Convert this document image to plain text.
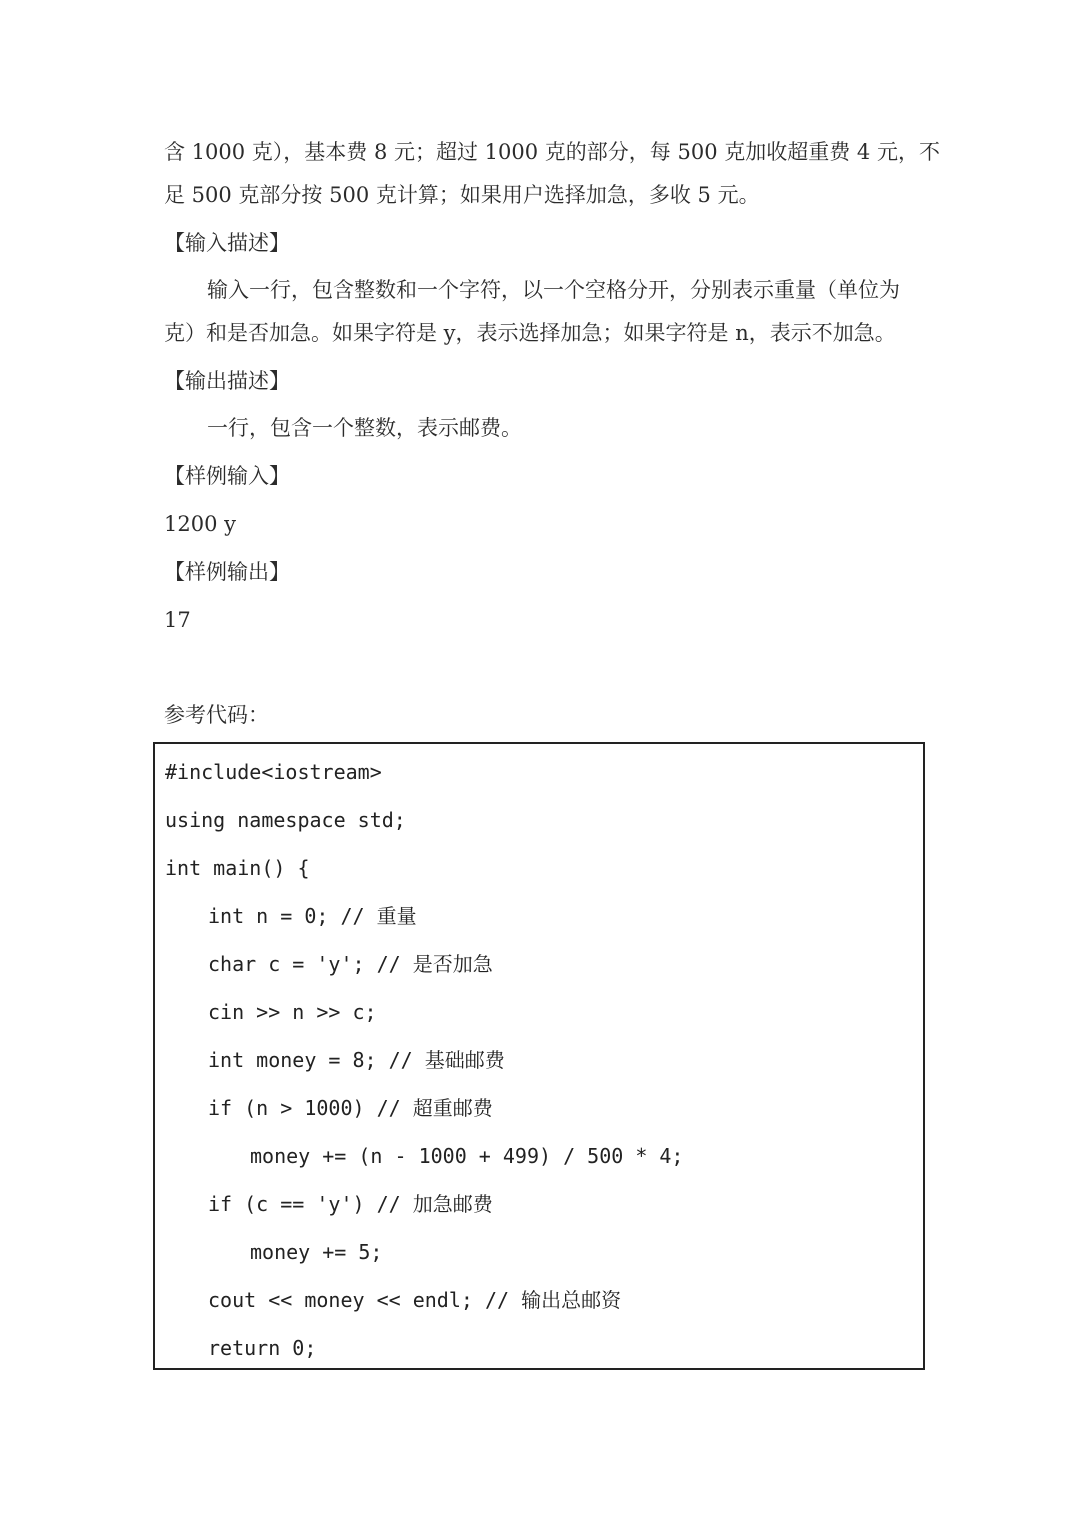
含 1000 克），基本费 8 元；超过 1000 克的部分，每 500 克加收超重费 4 元，不

足 500 克部分按 500 克计算；如果用户选择加急，多收 5 元。

【输入描述】

输入一行，包含整数和一个字符，以一个空格分开，分别表示重量（单位为

克）和是否加急。如果字符是 y，表示选择加急；如果字符是 n，表示不加急。

【输出描述】

一行，包含一个整数，表示邮费。

【样例输入】

1200 y

【样例输出】

17

参考代码：

#include<iostream>

using namespace std;

int main() {

int n = 0; // 重量

char c = 'y'; // 是否加急

cin >> n >> c;

int money = 8; // 基础邮费

if (n > 1000) // 超重邮费

money += (n - 1000 + 499) / 500 * 4;

if (c == 'y') // 加急邮费

money += 5;

cout << money << endl; // 输出总邮资

return 0;
